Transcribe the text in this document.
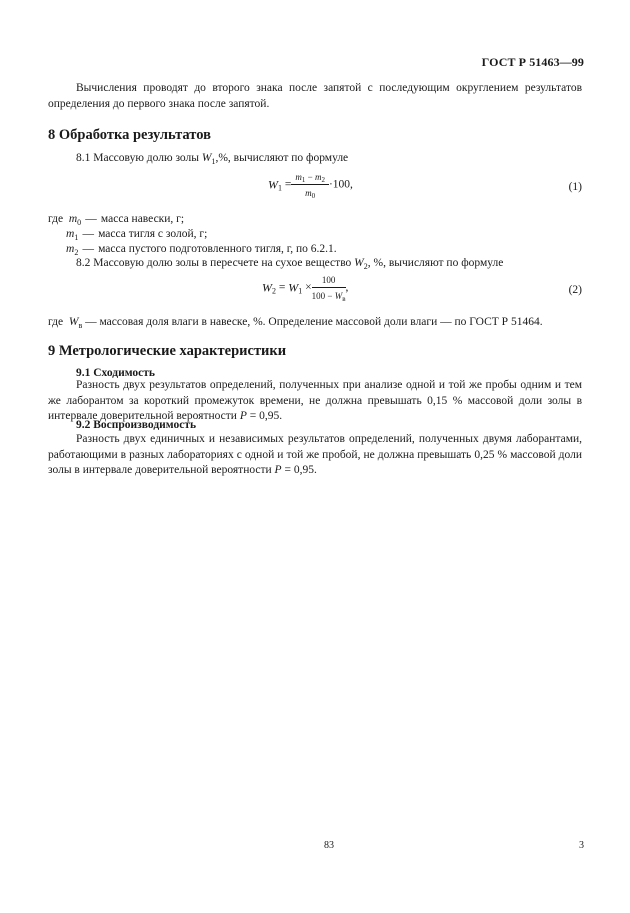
ГОСТ Р 51463—99
Вычисления проводят до второго знака после запятой с последующим округлением результатов определения до первого знака после запятой.
8 Обработка результатов
8.1 Массовую долю золы $W_1,\%$, вычисляют по формуле
$W_1 = \frac{m_1 - m_2}{m_0} \cdot 100$,	(1)
где $m_0$ — масса навески, г;
$m_1$ — масса тигля с золой, г;
$m_2$ — масса пустого подготовленного тигля, г, по 6.2.1.
8.2 Массовую долю золы в пересчете на сухое вещество $W_2$, %, вычисляют по формуле
$W_2 = W_1 \times \frac{100}{100 - W_в}$ ,	(2)
где $W_в$ — массовая доля влаги в навеске, %. Определение массовой доли влаги — по ГОСТ Р 51464.
9 Метрологические характеристики
9.1 Сходимость
Разность двух результатов определений, полученных при анализе одной и той же пробы одним и тем же лаборантом за короткий промежуток времени, не должна превышать 0,15 % массовой доли золы в интервале доверительной вероятности P = 0,95.
9.2 Воспроизводимость
Разность двух единичных и независимых результатов определений, полученных двумя лаборантами, работающими в разных лабораториях с одной и той же пробой, не должна превышать 0,25 % массовой доли золы в интервале доверительной вероятности P = 0,95.
83	3
